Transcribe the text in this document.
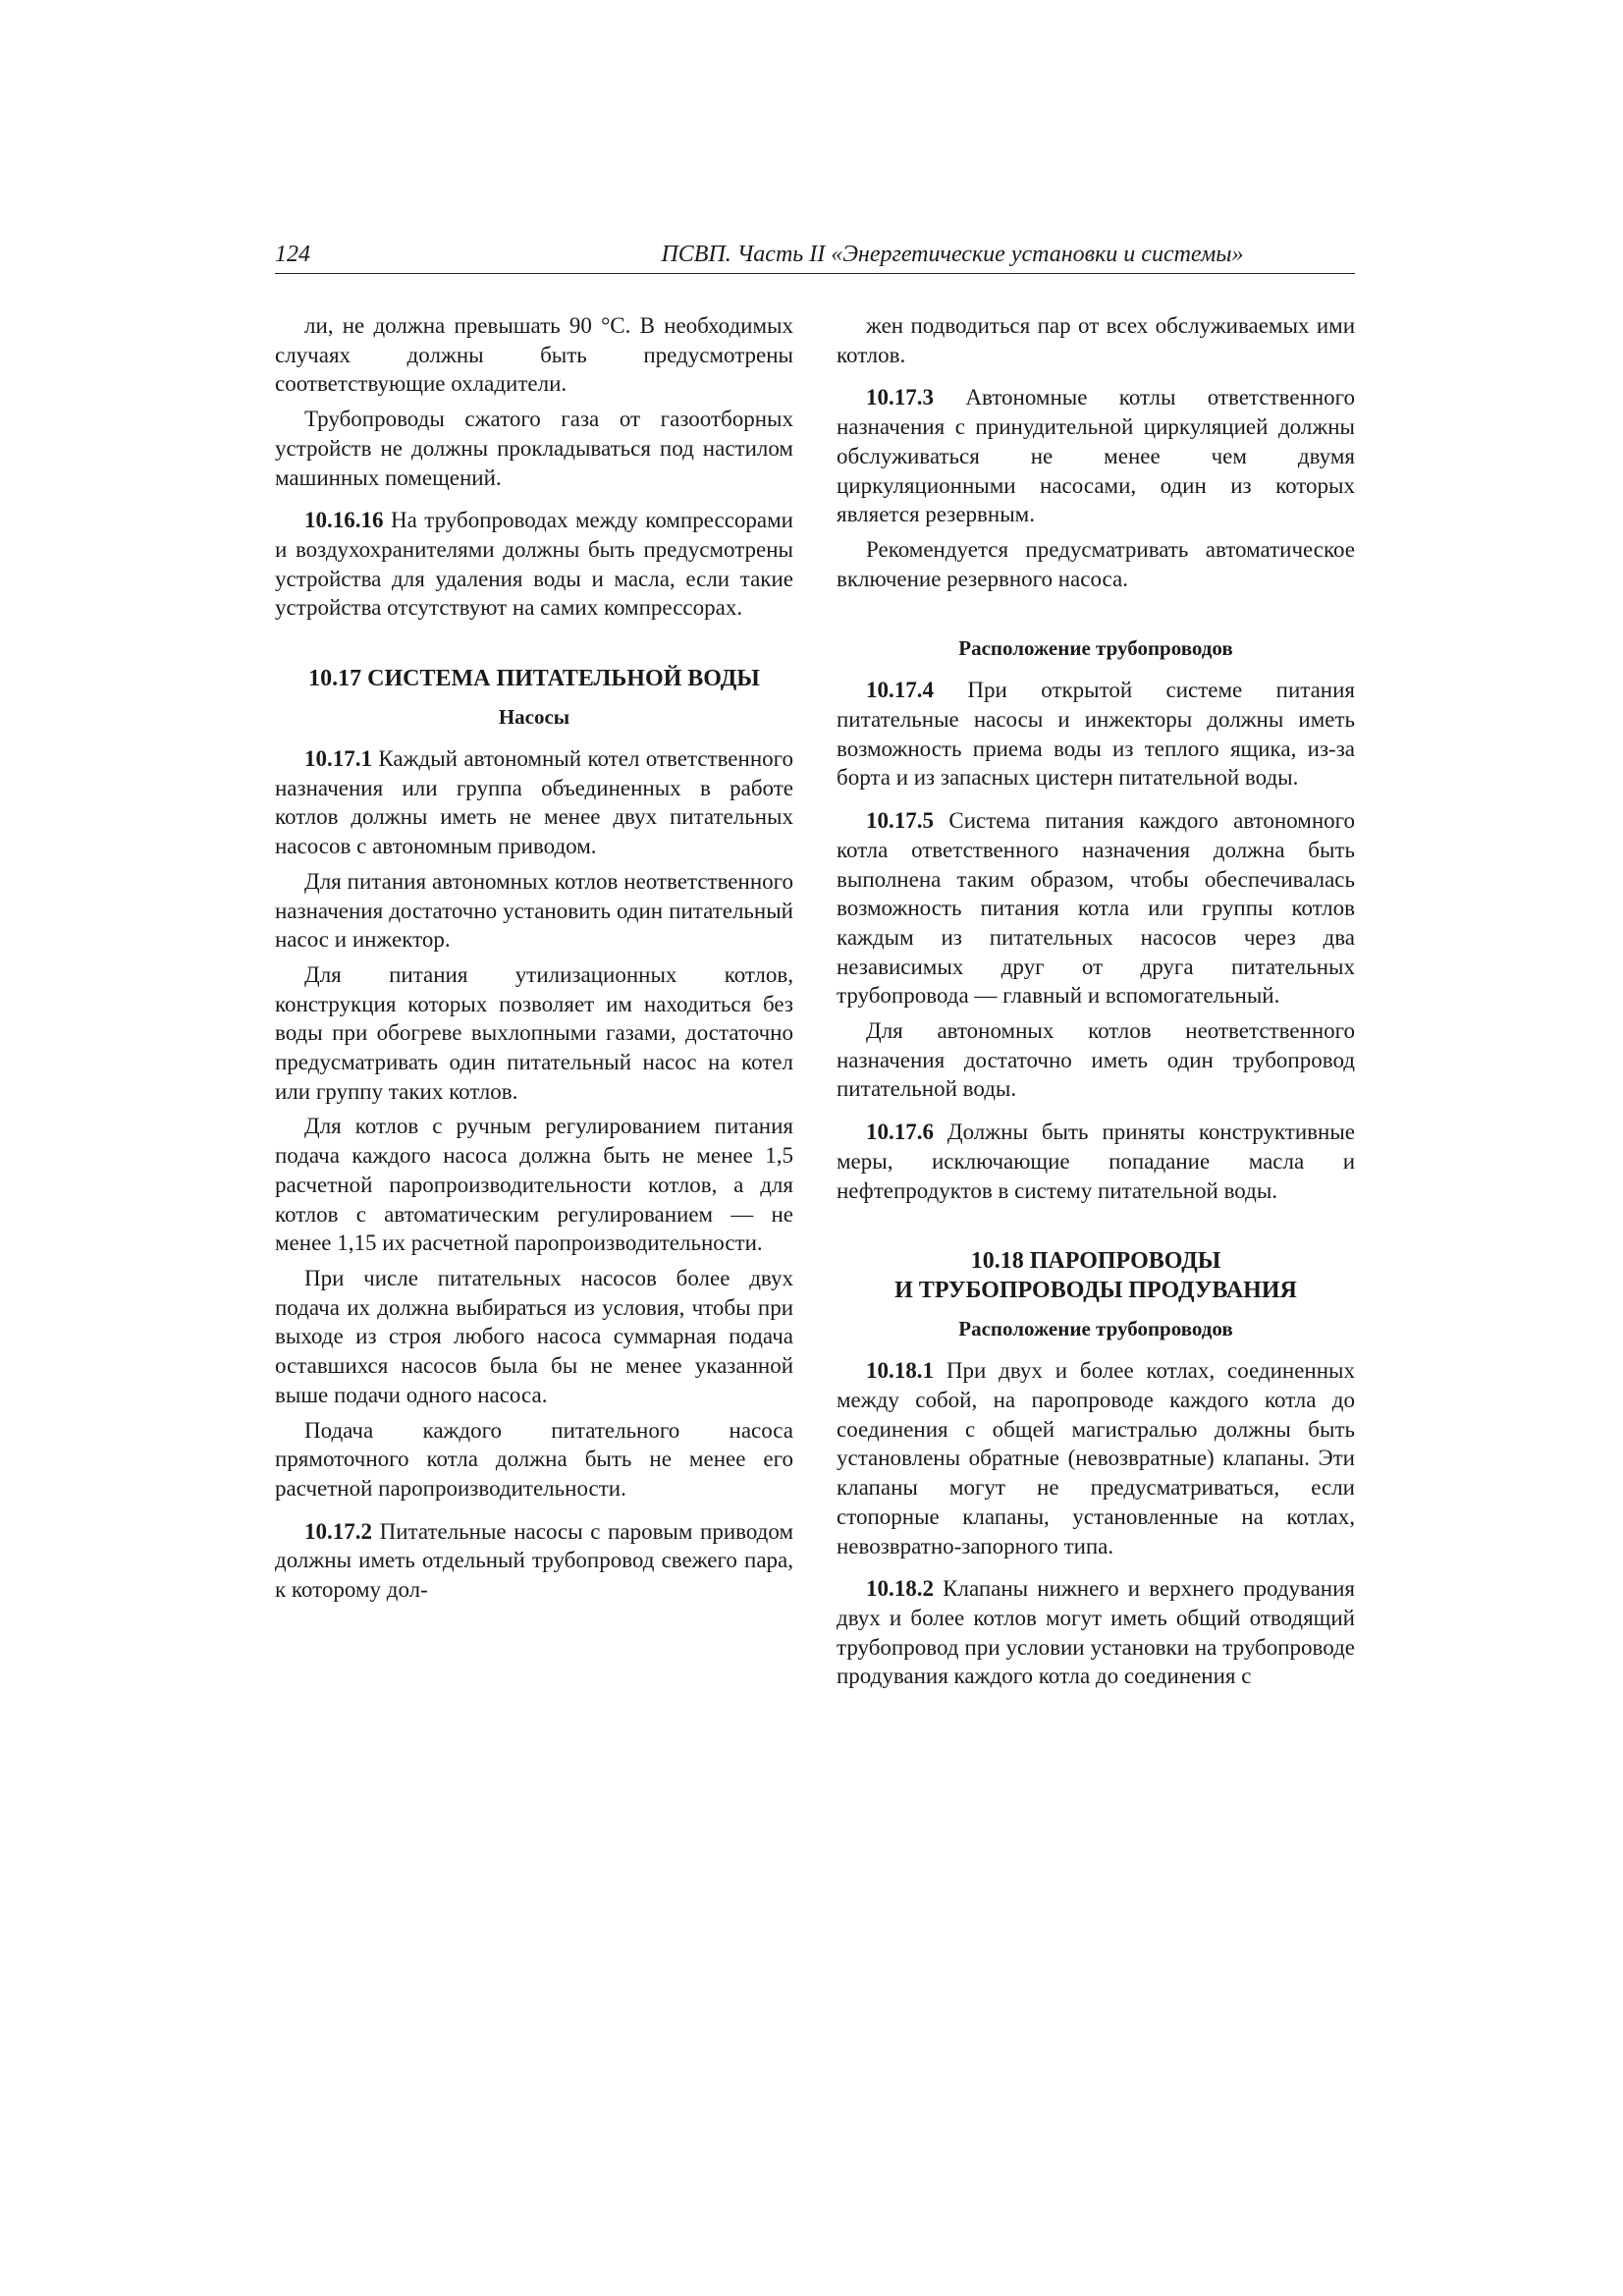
124	ПСВП. Часть II «Энергетические установки и системы»

ли, не должна превышать 90 °С. В необходимых случаях должны быть предусмотрены соответствующие охладители.

Трубопроводы сжатого газа от газоотборных устройств не должны прокладываться под настилом машинных помещений.

10.16.16 На трубопроводах между компрессорами и воздухохранителями должны быть предусмотрены устройства для удаления воды и масла, если такие устройства отсутствуют на самих компрессорах.

10.17 СИСТЕМА ПИТАТЕЛЬНОЙ ВОДЫ
Насосы

10.17.1 Каждый автономный котел ответственного назначения или группа объединенных в работе котлов должны иметь не менее двух питательных насосов с автономным приводом.

Для питания автономных котлов неответственного назначения достаточно установить один питательный насос и инжектор.

Для питания утилизационных котлов, конструкция которых позволяет им находиться без воды при обогреве выхлопными газами, достаточно предусматривать один питательный насос на котел или группу таких котлов.

Для котлов с ручным регулированием питания подача каждого насоса должна быть не менее 1,5 расчетной паропроизводительности котлов, а для котлов с автоматическим регулированием — не менее 1,15 их расчетной паропроизводительности.

При числе питательных насосов более двух подача их должна выбираться из условия, чтобы при выходе из строя любого насоса суммарная подача оставшихся насосов была бы не менее указанной выше подачи одного насоса.

Подача каждого питательного насоса прямоточного котла должна быть не менее его расчетной паропроизводительности.

10.17.2 Питательные насосы с паровым приводом должны иметь отдельный трубопровод свежего пара, к которому дол-

жен подводиться пар от всех обслуживаемых ими котлов.

10.17.3 Автономные котлы ответственного назначения с принудительной циркуляцией должны обслуживаться не менее чем двумя циркуляционными насосами, один из которых является резервным.

Рекомендуется предусматривать автоматическое включение резервного насоса.

Расположение трубопроводов

10.17.4 При открытой системе питания питательные насосы и инжекторы должны иметь возможность приема воды из теплого ящика, из-за борта и из запасных цистерн питательной воды.

10.17.5 Система питания каждого автономного котла ответственного назначения должна быть выполнена таким образом, чтобы обеспечивалась возможность питания котла или группы котлов каждым из питательных насосов через два независимых друг от друга питательных трубопровода — главный и вспомогательный.

Для автономных котлов неответственного назначения достаточно иметь один трубопровод питательной воды.

10.17.6 Должны быть приняты конструктивные меры, исключающие попадание масла и нефтепродуктов в систему питательной воды.

10.18 ПАРОПРОВОДЫ
И ТРУБОПРОВОДЫ ПРОДУВАНИЯ
Расположение трубопроводов

10.18.1 При двух и более котлах, соединенных между собой, на паропроводе каждого котла до соединения с общей магистралью должны быть установлены обратные (невозвратные) клапаны. Эти клапаны могут не предусматриваться, если стопорные клапаны, установленные на котлах, невозвратно-запорного типа.

10.18.2 Клапаны нижнего и верхнего продувания двух и более котлов могут иметь общий отводящий трубопровод при условии установки на трубопроводе продувания каждого котла до соединения с
